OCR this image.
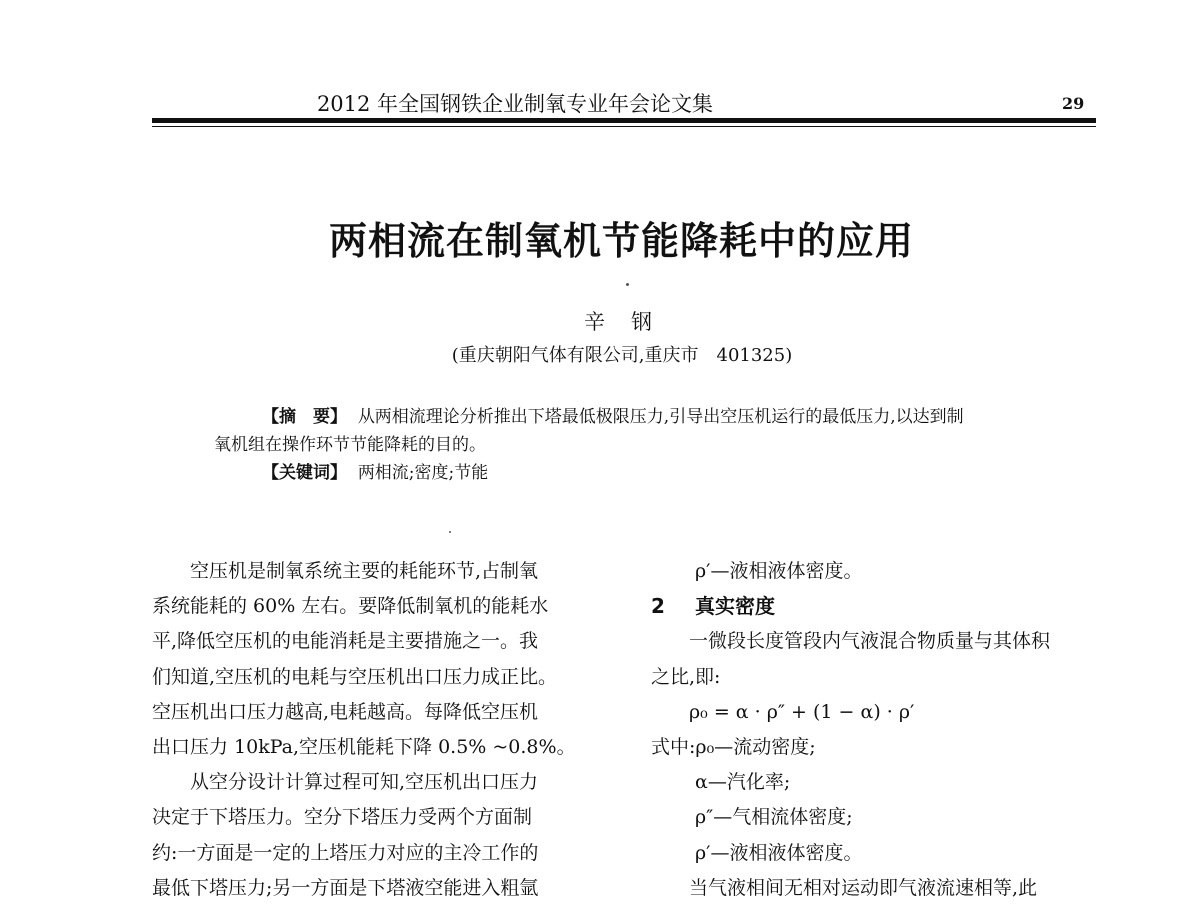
2012 年全国钢铁企业制氧专业年会论文集	29
两相流在制氧机节能降耗中的应用
辛钢
(重庆朝阳气体有限公司,重庆市　401325)
【摘　要】 从两相流理论分析推出下塔最低极限压力,引导出空压机运行的最低压力,以达到制
氧机组在操作环节节能降耗的目的。
【关键词】 两相流;密度;节能

空压机是制氧系统主要的耗能环节,占制氧

系统能耗的 60% 左右。要降低制氧机的能耗水

平,降低空压机的电能消耗是主要措施之一。我

们知道,空压机的电耗与空压机出口压力成正比。

空压机出口压力越高,电耗越高。每降低空压机

出口压力 10kPa,空压机能耗下降 0.5% ~0.8%。

从空分设计计算过程可知,空压机出口压力

决定于下塔压力。空分下塔压力受两个方面制

约:一方面是一定的上塔压力对应的主冷工作的

最低下塔压力;另一方面是下塔液空能进入粗氩

ρ′—液相液体密度。

2 真实密度

一微段长度管段内气液混合物质量与其体积

之比,即:

ρ₀ = α · ρ″ + (1 − α) · ρ′

式中:ρ₀—流动密度;

α—汽化率;

ρ″—气相流体密度;

ρ′—液相液体密度。

当气液相间无相对运动即气液流速相等,此
